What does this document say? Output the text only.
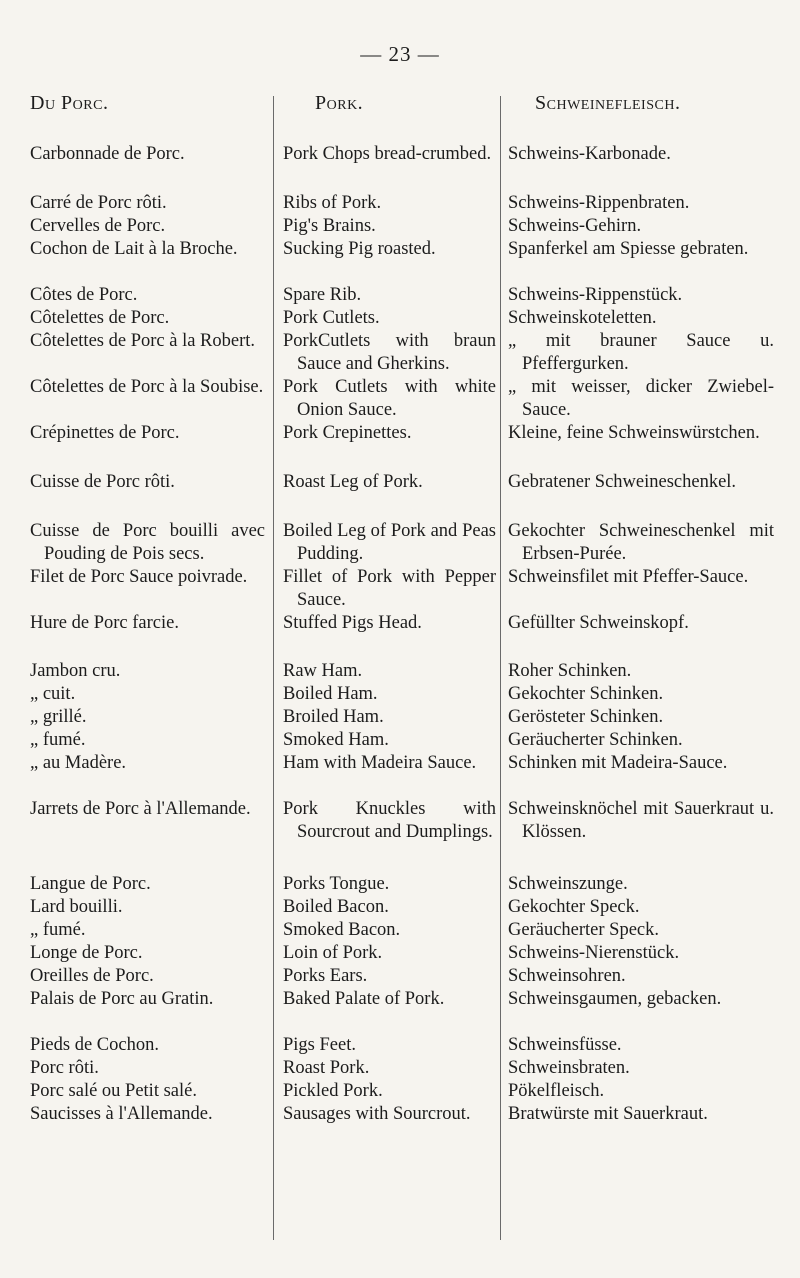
— 23 —
Du Porc.	Pork.	Schweinefleisch.
Carbonnade de Porc.
Carré de Porc rôti.
Cervelles de Porc.
Cochon de Lait à la Broche.
Côtes de Porc.
Côtelettes de Porc.
Côtelettes de Porc à la Robert.
Côtelettes de Porc à la Soubise.
Crépinettes de Porc.
Cuisse de Porc rôti.
Cuisse de Porc bouilli avec Pouding de Pois secs.
Filet de Porc Sauce poivrade.
Hure de Porc farcie.
Jambon cru.
„ cuit.
„ grillé.
„ fumé.
„ au Madère.
Jarrets de Porc à l'Allemande.
Langue de Porc.
Lard bouilli.
„ fumé.
Longe de Porc.
Oreilles de Porc.
Palais de Porc au Gratin.
Pieds de Cochon.
Porc rôti.
Porc salé ou Petit salé.
Saucisses à l'Allemande.
Pork Chops bread-crumbed.
Ribs of Pork.
Pig's Brains.
Sucking Pig roasted.
Spare Rib.
Pork Cutlets.
PorkCutlets with braun Sauce and Gherkins.
Pork Cutlets with white Onion Sauce.
Pork Crepinettes.
Roast Leg of Pork.
Boiled Leg of Pork and Peas Pudding.
Fillet of Pork with Pepper Sauce.
Stuffed Pigs Head.
Raw Ham.
Boiled Ham.
Broiled Ham.
Smoked Ham.
Ham with Madeira Sauce.
Pork Knuckles with Sourcrout and Dumplings.
Porks Tongue.
Boiled Bacon.
Smoked Bacon.
Loin of Pork.
Porks Ears.
Baked Palate of Pork.
Pigs Feet.
Roast Pork.
Pickled Pork.
Sausages with Sourcrout.
Schweins-Karbonade.
Schweins-Rippenbraten.
Schweins-Gehirn.
Spanferkel am Spiesse gebraten.
Schweins-Rippenstück.
Schweinskoteletten.
„ mit brauner Sauce u. Pfeffergurken.
„ mit weisser, dicker Zwiebel-Sauce.
Kleine, feine Schweinswürstchen.
Gebratener Schweineschenkel.
Gekochter Schweineschenkel mit Erbsen-Purée.
Schweinsfilet mit Pfeffer-Sauce.
Gefüllter Schweinskopf.
Roher Schinken.
Gekochter Schinken.
Gerösteter Schinken.
Geräucherter Schinken.
Schinken mit Madeira-Sauce.
Schweinsknöchel mit Sauerkraut u. Klössen.
Schweinszunge.
Gekochter Speck.
Geräucherter Speck.
Schweins-Nierenstück.
Schweinsohren.
Schweinsgaumen, gebacken.
Schweinsfüsse.
Schweinsbraten.
Pökelfleisch.
Bratwürste mit Sauerkraut.
